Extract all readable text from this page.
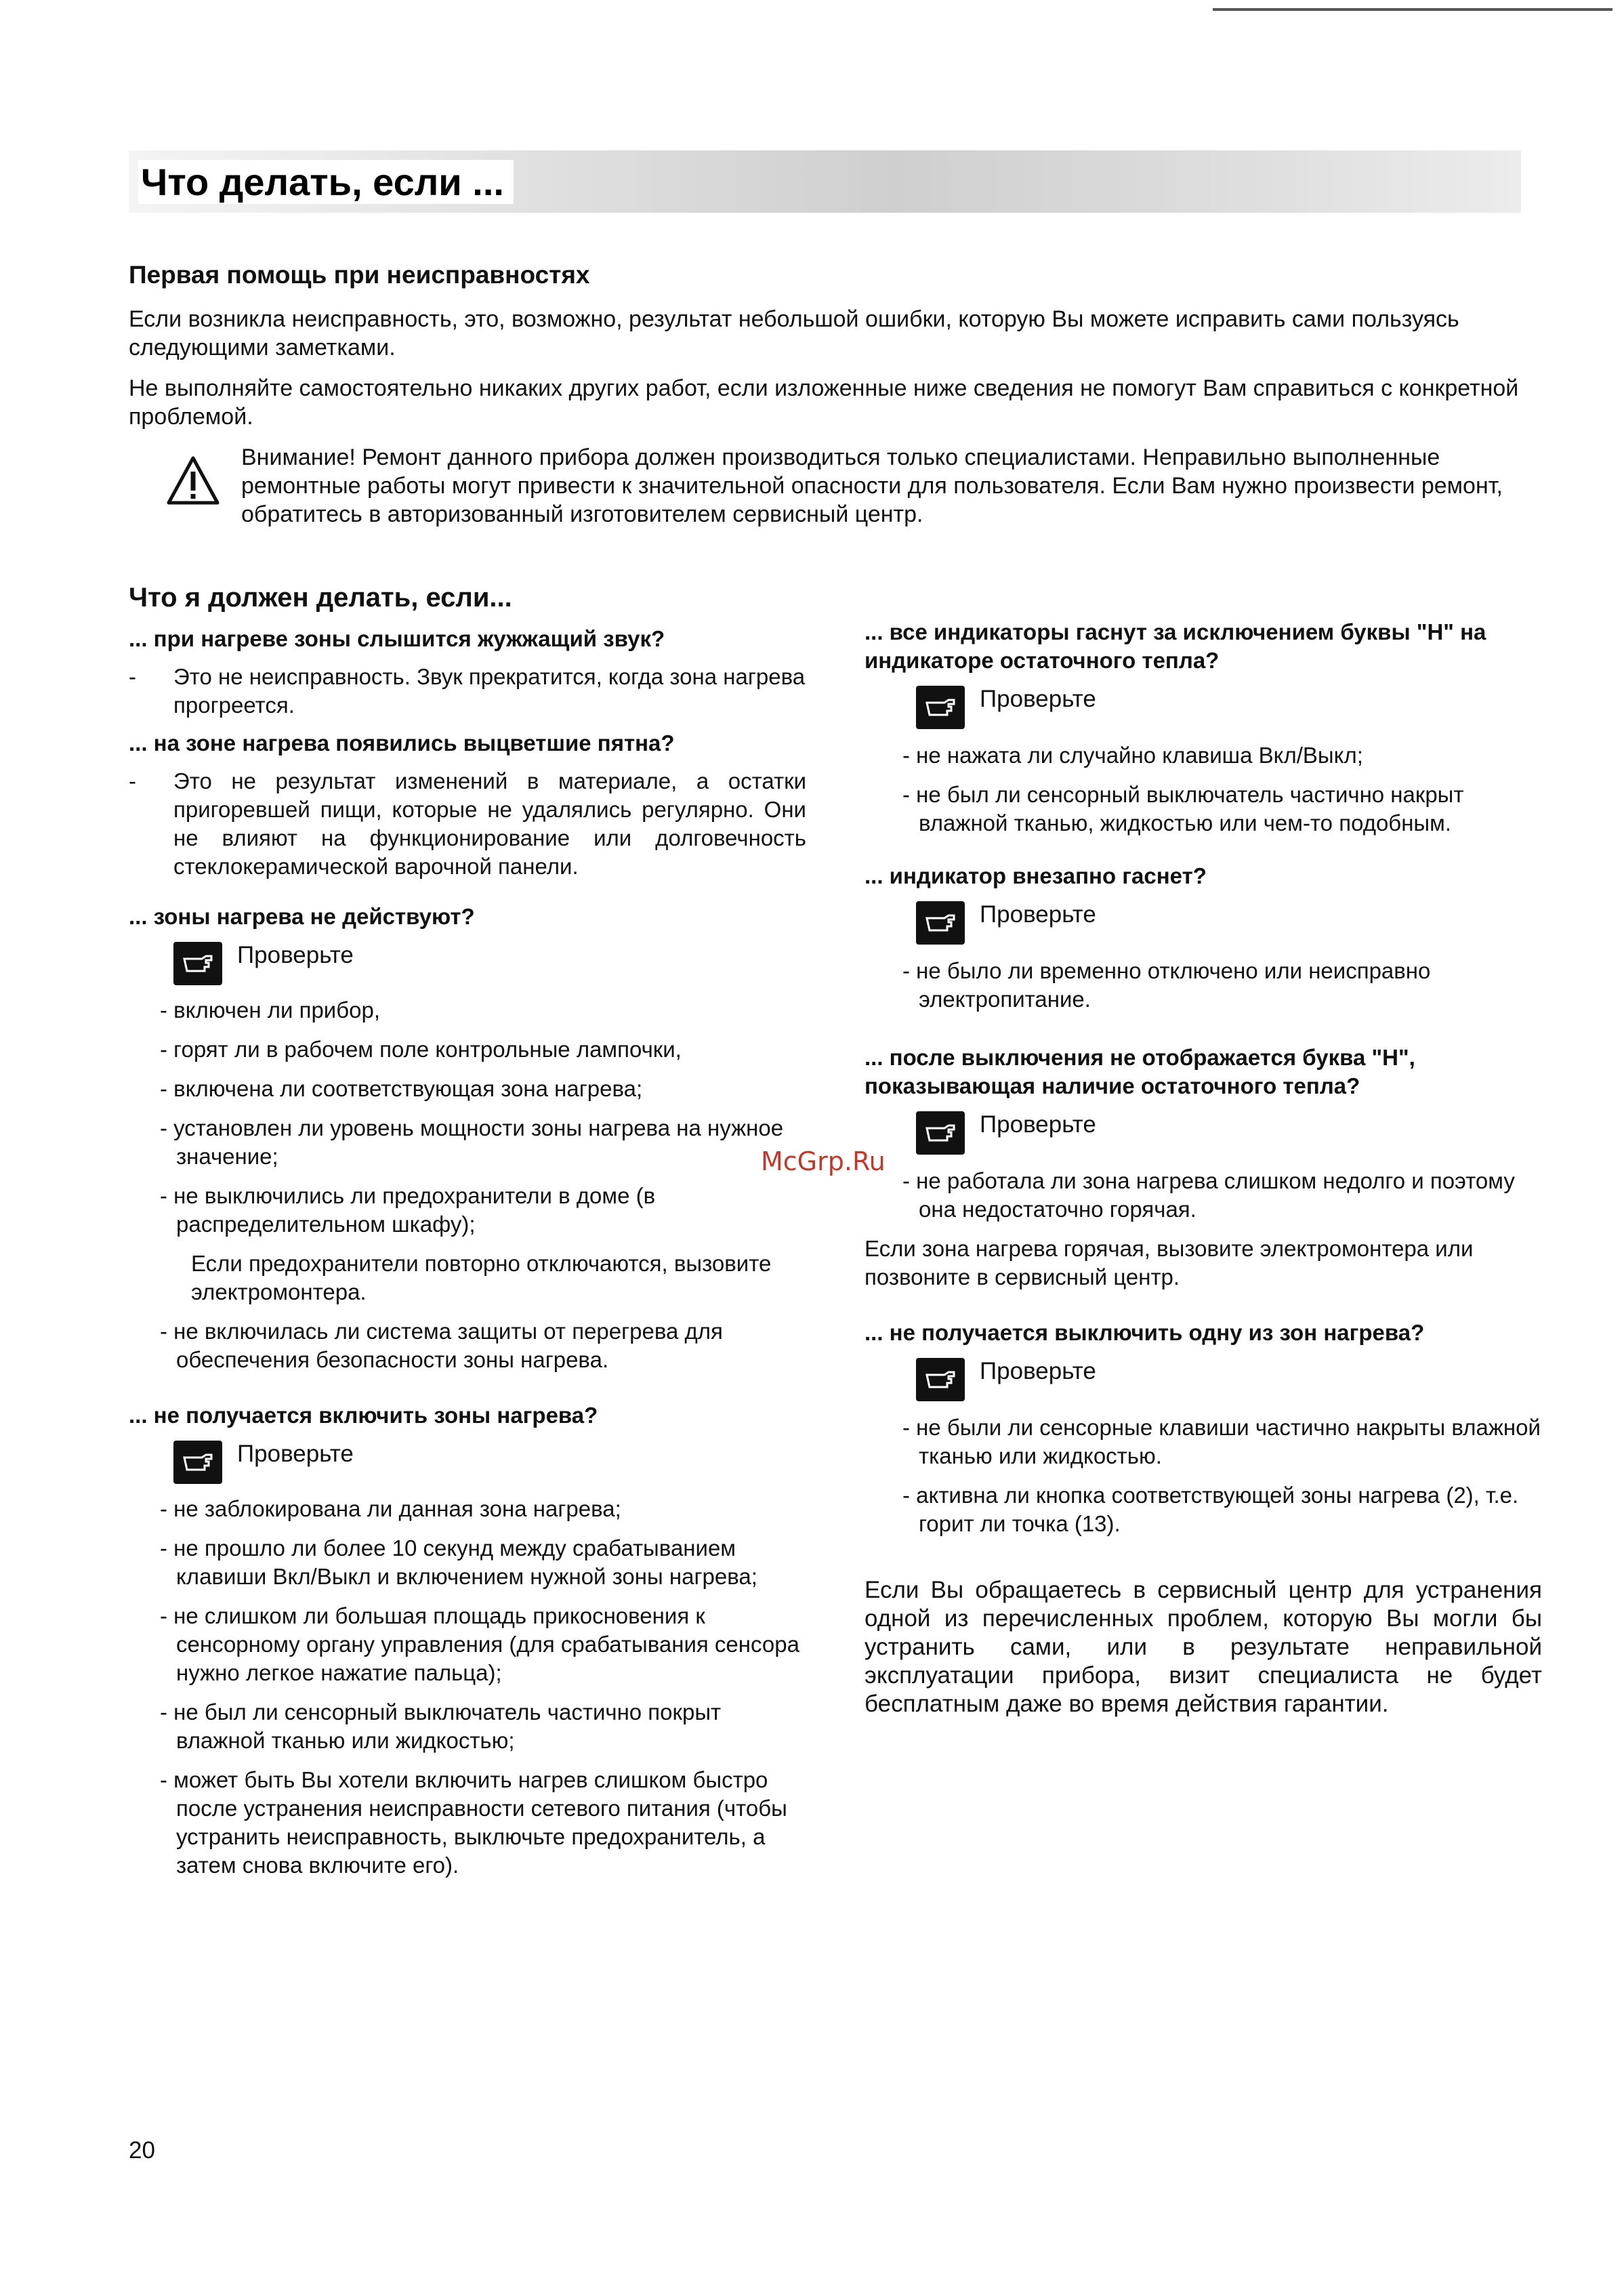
Что делать, если ...
Первая помощь при неисправностях
Если возникла неисправность, это, возможно, результат небольшой ошибки, которую Вы можете исправить сами пользуясь следующими заметками.
Не выполняйте самостоятельно никаких других работ, если изложенные ниже сведения не помогут Вам справиться с конкретной проблемой.
Внимание! Ремонт данного прибора должен производиться только специалистами. Неправильно выполненные ремонтные работы могут привести к значительной опасности для пользователя. Если Вам нужно произвести ремонт, обратитесь в авторизованный изготовителем сервисный центр.
Что я должен делать, если...

... при нагреве зоны слышится жужжащий звук?

- Это не неисправность. Звук прекратится, когда зона нагрева прогреется.

... на зоне нагрева появились выцветшие пятна?

- Это не результат изменений в материале, а остатки пригоревшей пищи, которые не удалялись регулярно. Они не влияют на функционирование или долговечность стеклокерамической варочной панели.

... зоны нагрева не действуют?

Проверьте

- включен ли прибор,

- горят ли в рабочем поле контрольные лампочки,

- включена ли соответствующая зона нагрева;

- установлен ли уровень мощности зоны нагрева на нужное значение;

- не выключились ли предохранители в доме (в распределительном шкафу);

Если предохранители повторно отключаются, вызовите электромонтера.

- не включилась ли система защиты от перегрева для обеспечения безопасности зоны нагрева.

... не получается включить зоны нагрева?

Проверьте

- не заблокирована ли данная зона нагрева;

- не прошло ли более 10 секунд между срабатыванием клавиши Вкл/Выкл и включением нужной зоны нагрева;

- не слишком ли большая площадь прикосновения к сенсорному органу управления (для срабатывания сенсора нужно легкое нажатие пальца);

- не был ли сенсорный выключатель частично покрыт влажной тканью или жидкостью;

- может быть Вы хотели включить нагрев слишком быстро после устранения неисправности сетевого питания (чтобы устранить неисправность, выключьте предохранитель, а затем снова включите его).

... все индикаторы гаснут за исключением буквы "H" на индикаторе остаточного тепла?

Проверьте

- не нажата ли случайно клавиша Вкл/Выкл;

- не был ли сенсорный выключатель частично накрыт влажной тканью, жидкостью или чем-то подобным.

... индикатор внезапно гаснет?

Проверьте

- не было ли временно отключено или неисправно электропитание.

... после выключения не отображается буква "H", показывающая наличие остаточного тепла?

Проверьте

- не работала ли зона нагрева слишком недолго и поэтому она недостаточно горячая.

Если зона нагрева горячая, вызовите электромонтера или позвоните в сервисный центр.

... не получается выключить одну из зон нагрева?

Проверьте

- не были ли сенсорные клавиши частично накрыты влажной тканью или жидкостью.

- активна ли кнопка соответствующей зоны нагрева (2), т.е. горит ли точка (13).

Если Вы обращаетесь в сервисный центр для устранения одной из перечисленных проблем, которую Вы могли бы устранить сами, или в результате неправильной эксплуатации прибора, визит специалиста не будет бесплатным даже во время действия гарантии.

McGrp.Ru
20
